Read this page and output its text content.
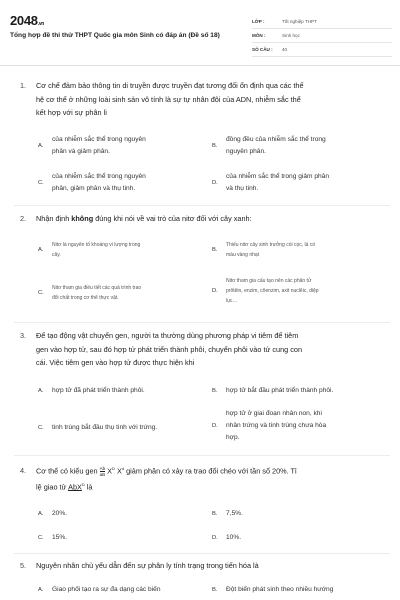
2048.vn
Tổng hợp đề thi thử THPT Quốc gia môn Sinh có đáp án (Đề số 18)
LỚP :	Tốt nghiệp THPT
MÔN :	Sinh học
SỐ CÂU :	40
1. Cơ chế đảm bảo thông tin di truyền được truyền đạt tương đối ổn định qua các thế
hệ cơ thể ở những loài sinh sản vô tính là sự tự nhân đôi của ADN, nhiễm sắc thể
kết hợp với sự phân li
A.
của nhiễm sắc thể trong nguyên
phân và giảm phân.
B.
đồng đều của nhiễm sắc thể trong
nguyên phân.
C.
của nhiễm sắc thể trong nguyên
phân, giảm phân và thụ tinh.
D.
của nhiễm sắc thể trong giảm phân
và thụ tinh.
2. Nhận định không đúng khi nói về vai trò của nitơ đối với cây xanh:
A.
Nitơ là nguyên tố khoáng vi lượng trong
cây.
B.
Thiếu nitơ cây sinh trưởng còi cọc, lá có
màu vàng nhạt
C.
Nitơ tham gia điều tiết các quá trình trao
đổi chất trong cơ thể thực vật.
D.
Nitơ tham gia cấu tạo nên các phân tử
prôtêin, enzim, côenzim, axit nuclêic, diệp
lục…
3. Để tạo động vật chuyển gen, người ta thường dùng phương pháp vi tiêm để tiêm
gen vào hợp tử, sau đó hợp tử phát triển thành phôi, chuyển phôi vào tử cung con
cái. Việc tiêm gen vào hợp tử được thực hiện khi
A.	hợp tử đã phát triển thành phôi.	B.	hợp tử bắt đầu phát triển thành phôi.
C.	tinh trùng bắt đầu thụ tinh với trứng.	D.
hợp tử ở giai đoạn nhân non, khi
nhân trứng và tinh trùng chưa hòa
hợp.
4. Cơ thể có kiểu gen $\frac{Ab}{aB} X^D$ $X^d$ giảm phân có xảy ra trao đổi chéo với tần số 20%. Tỉ
lệ giao tử AbX$^D$ là
A.	20%.	B.	7,5%.
C.	15%.	D.	10%.
5. Nguyên nhân chủ yếu dẫn đến sự phân ly tính trạng trong tiến hóa là
A.	Giao phối tạo ra sự đa dạng các biến	B.	Đột biến phát sinh theo nhiều hướng
